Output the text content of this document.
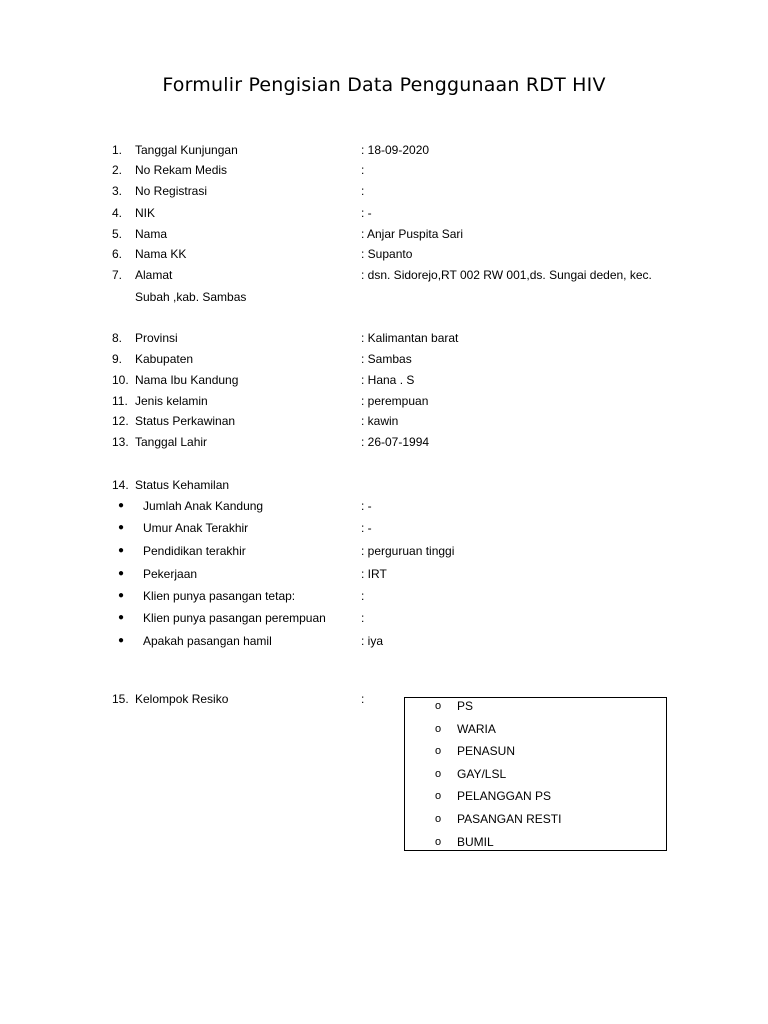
Formulir Pengisian Data Penggunaan RDT HIV
1. Tanggal Kunjungan	: 18-09-2020
2. No Rekam Medis	:
3. No Registrasi	:
4. NIK	: -
5. Nama	: Anjar Puspita Sari
6. Nama KK	: Supanto
7. Alamat	: dsn. Sidorejo,RT 002 RW 001,ds. Sungai deden, kec.
Subah ,kab. Sambas
8. Provinsi	: Kalimantan barat
9. Kabupaten	: Sambas
10. Nama Ibu Kandung	: Hana . S
11. Jenis kelamin	: perempuan
12. Status Perkawinan	: kawin
13. Tanggal Lahir	: 26-07-1994
14. Status Kehamilan
● Jumlah Anak Kandung	: -
● Umur Anak Terakhir	: -
● Pendidikan terakhir	: perguruan tinggi
● Pekerjaan	: IRT
● Klien punya pasangan tetap:	:
● Klien punya pasangan perempuan	:
● Apakah pasangan hamil	: iya
15. Kelompok Resiko	:	o PS
o WARIA
o PENASUN
o GAY/LSL
o PELANGGAN PS
o PASANGAN RESTI
o BUMIL
